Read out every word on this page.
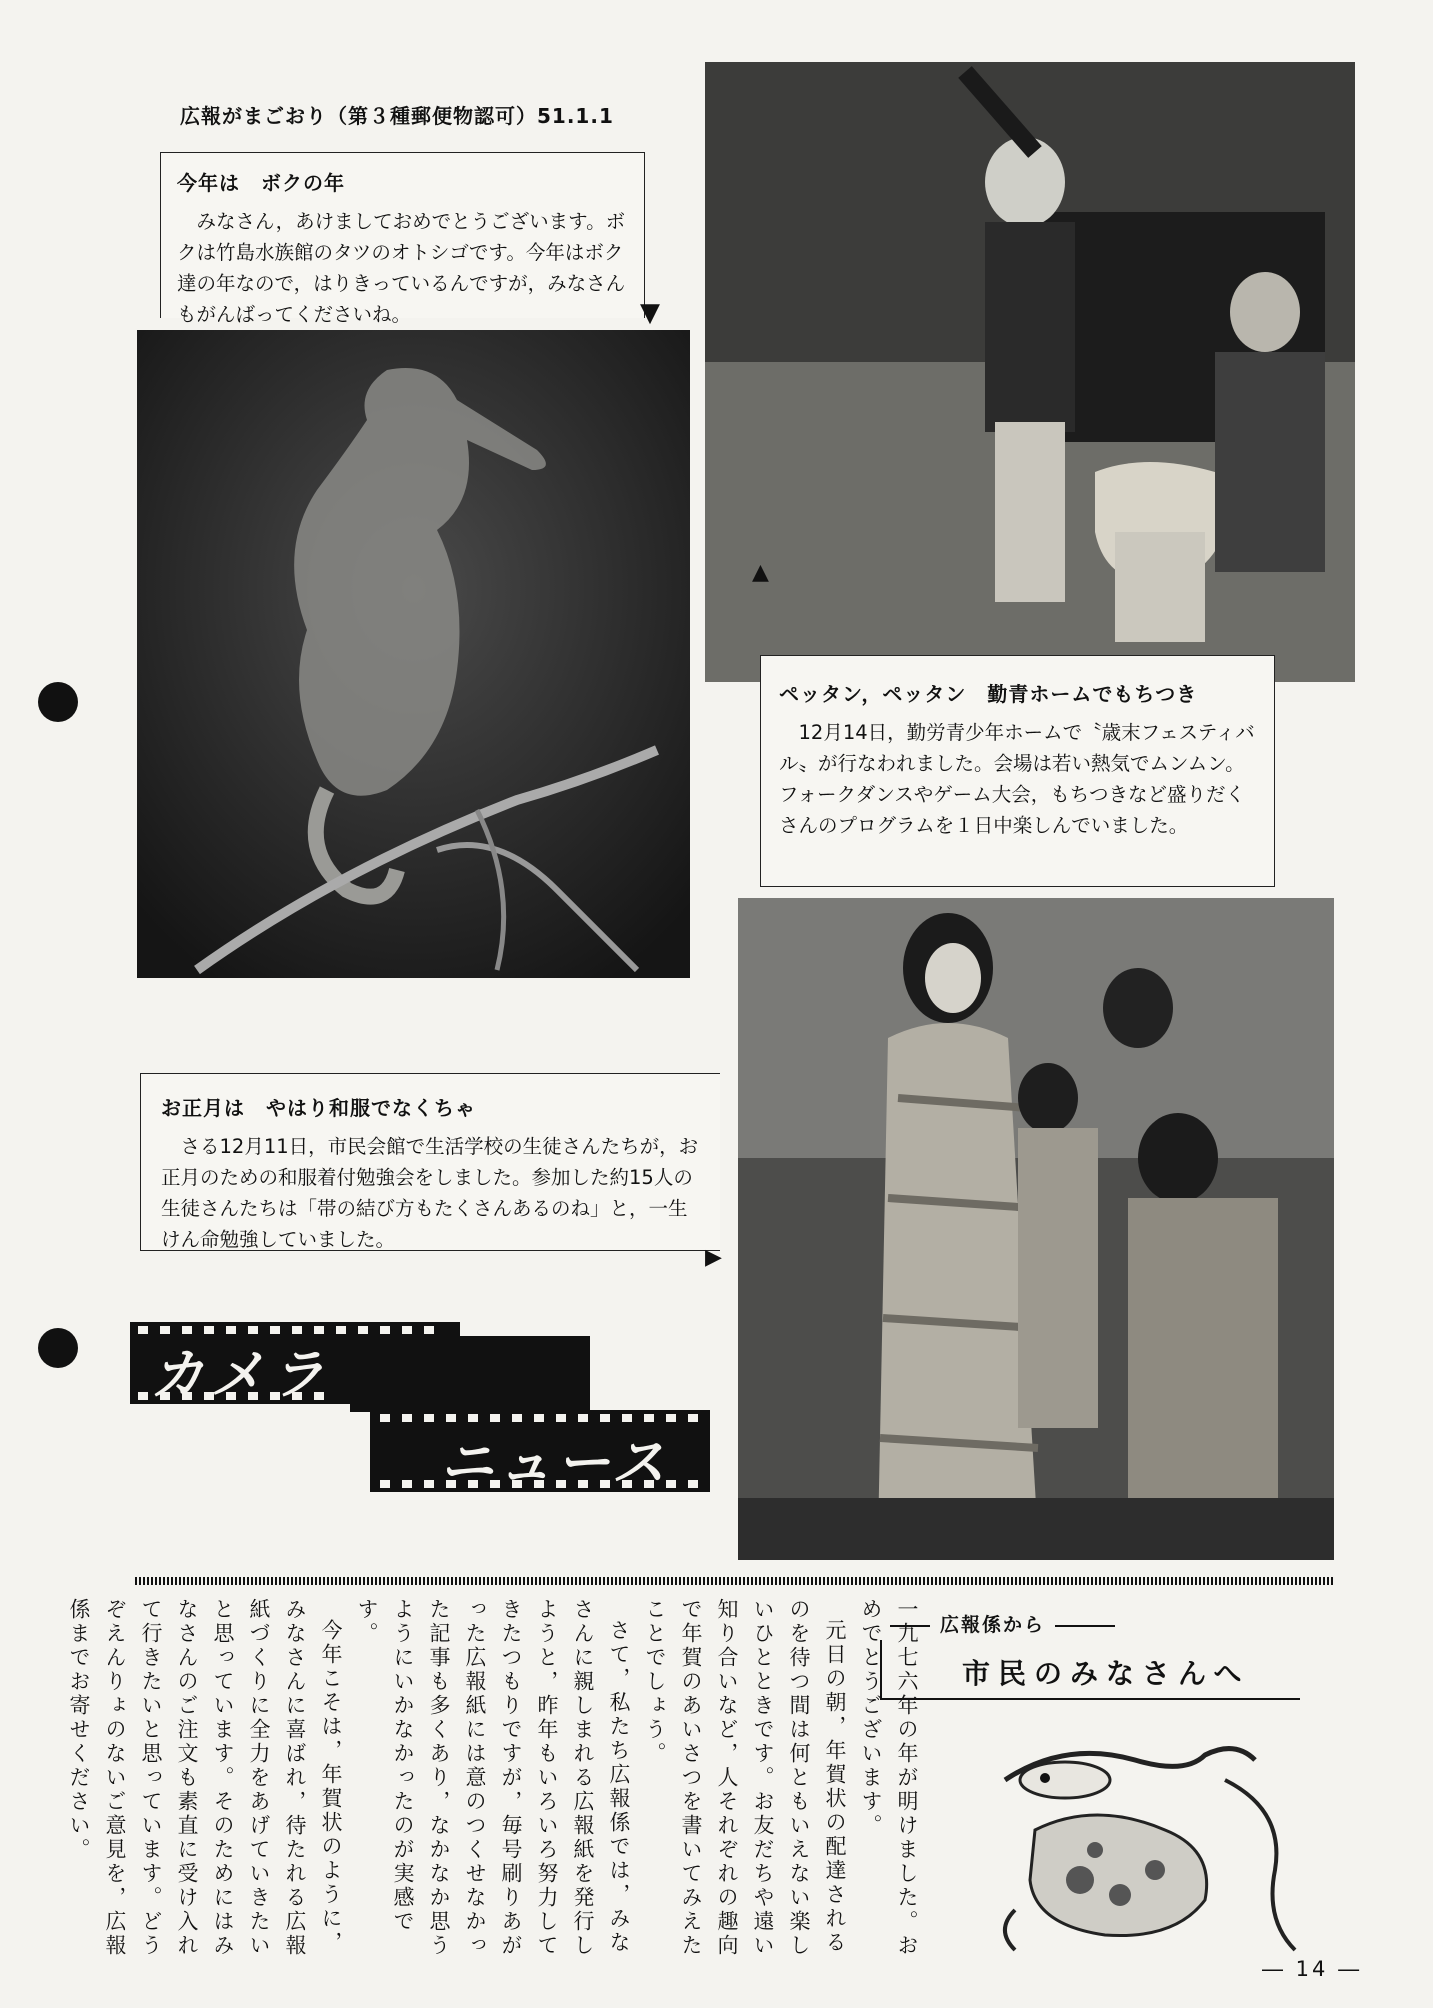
広報がまごおり（第３種郵便物認可）51.1.1

今年は　ボクの年

みなさん，あけましておめでとうございます。ボクは竹島水族館のタツのオトシゴです。今年はボク達の年なので，はりきっているんですが，みなさんもがんばってくださいね。	▼

ペッタン，ペッタン　勤青ホームでもちつき

12月14日，勤労青少年ホームで〝歳末フェスティバル〟が行なわれました。会場は若い熱気でムンムン。フォークダンスやゲーム大会，もちつきなど盛りだくさんのプログラムを１日中楽しんでいました。

▲

お正月は　やはり和服でなくちゃ

さる12月11日，市民会館で生活学校の生徒さんたちが，お正月のための和服着付勉強会をしました。参加した約15人の生徒さんたちは「帯の結び方もたくさんあるのね」と，一生けん命勉強していました。

▶
カメラ
ニュース

一九七六年の年が明けました。おめでとうございます。

元日の朝，年賀状の配達されるのを待つ間は何ともいえない楽しいひとときです。お友だちや遠い知り合いなど，人それぞれの趣向で年賀のあいさつを書いてみえたことでしょう。

さて，私たち広報係では，みなさんに親しまれる広報紙を発行しようと，昨年もいろいろ努力してきたつもりですが，毎号刷りあがった広報紙には意のつくせなかった記事も多くあり，なかなか思うようにいかなかったのが実感です。

今年こそは，年賀状のように，みなさんに喜ばれ，待たれる広報紙づくりに全力をあげていきたいと思っています。そのためにはみなさんのご注文も素直に受け入れて行きたいと思っています。どうぞえんりょのないご意見を，広報係までお寄せください。	広報係から
市民のみなさんへ
― 14 ―
